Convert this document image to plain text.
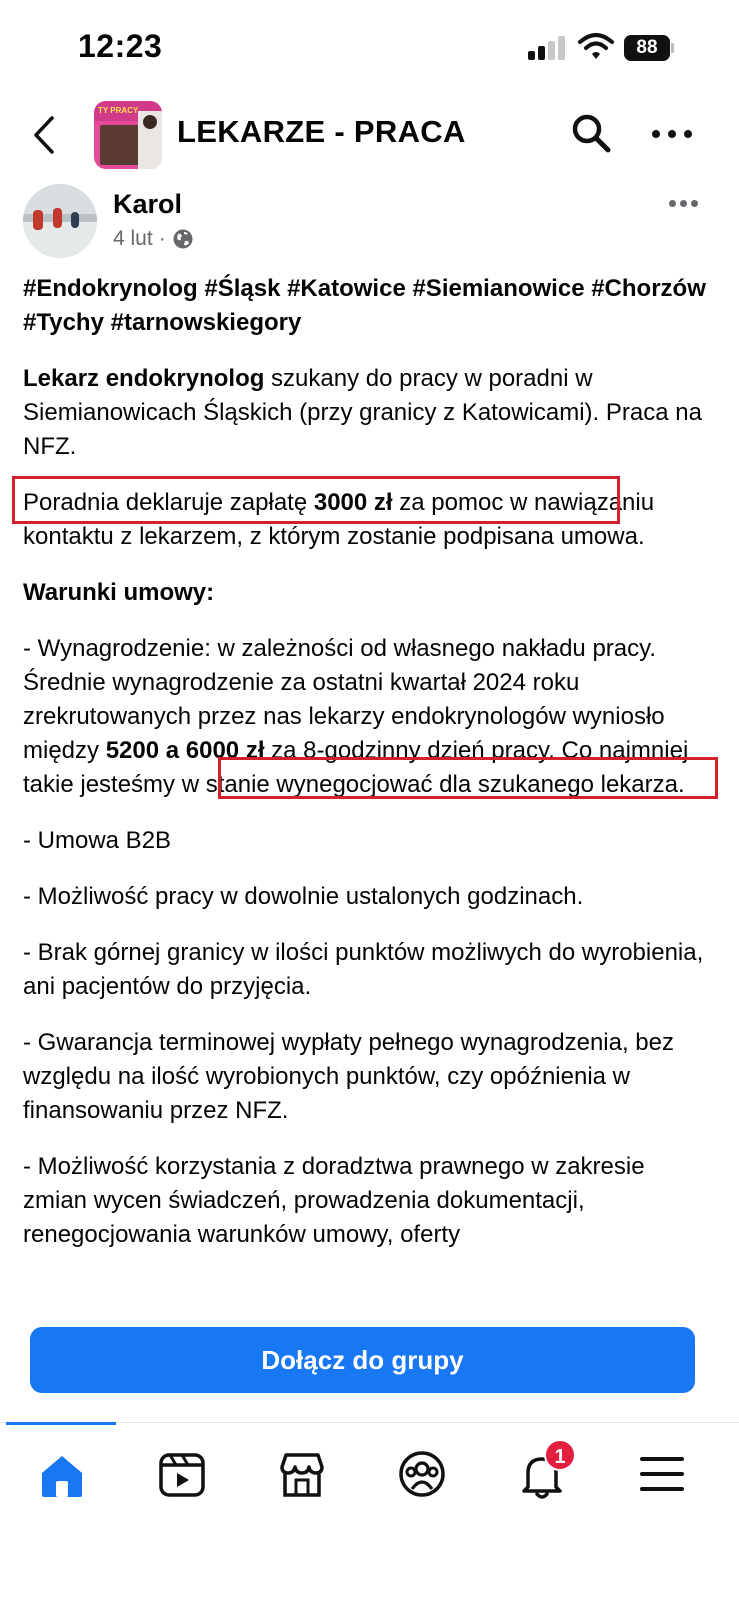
12:23	88
TY PRACY
LEKARZE - PRACA
Karol
4 lut ·

#Endokrynolog #Śląsk #Katowice #Siemianowice #Chorzów #Tychy #tarnowskiegory

Lekarz endokrynolog szukany do pracy w poradni w Siemianowicach Śląskich (przy granicy z Katowicami). Praca na NFZ.

Poradnia deklaruje zapłatę 3000 zł za pomoc w nawiązaniu kontaktu z lekarzem, z którym zostanie podpisana umowa.

Warunki umowy:

- Wynagrodzenie: w zależności od własnego nakładu pracy. Średnie wynagrodzenie za ostatni kwartał 2024 roku zrekrutowanych przez nas lekarzy endokrynologów wyniosło między 5200 a 6000 zł za 8-godzinny dzień pracy. Co najmniej takie jesteśmy w stanie wynegocjować dla szukanego lekarza.

- Umowa B2B

- Możliwość pracy w dowolnie ustalonych godzinach.

- Brak górnej granicy w ilości punktów możliwych do wyrobienia, ani pacjentów do przyjęcia.

- Gwarancja terminowej wypłaty pełnego wynagrodzenia, bez względu na ilość wyrobionych punktów, czy opóźnienia w finansowaniu przez NFZ.

- Możliwość korzystania z doradztwa prawnego w zakresie zmian wycen świadczeń, prowadzenia dokumentacji, renegocjowania warunków umowy, oferty

Dołącz do grupy
1
